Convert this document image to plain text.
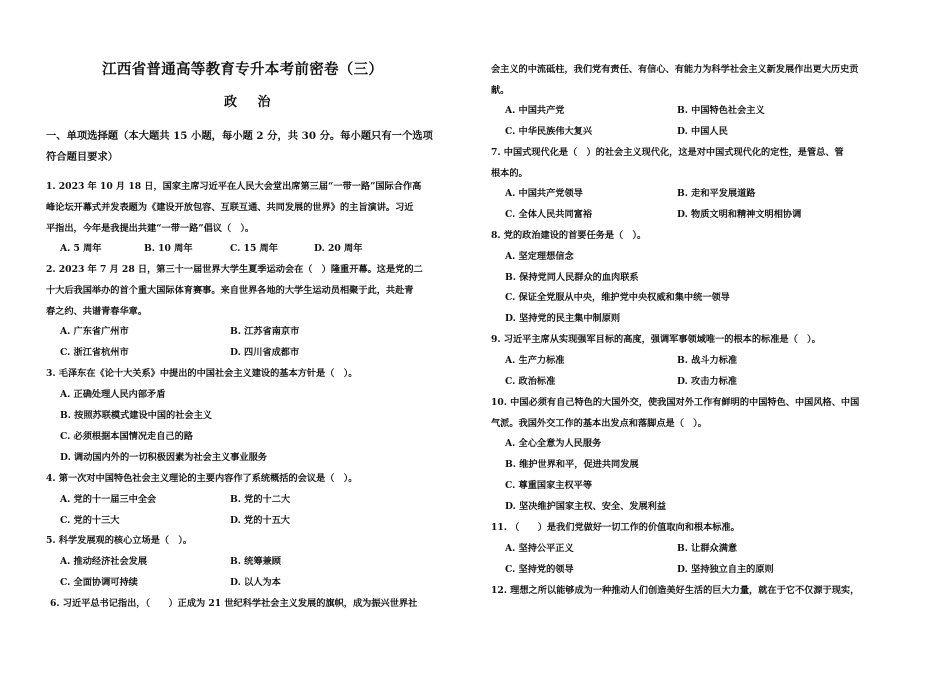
江西省普通高等教育专升本考前密卷（三）
政 治
一、单项选择题（本大题共 15 小题，每小题 2 分，共 30 分。每小题只有一个选项
符合题目要求）
1. 2023 年 10 月 18 日，国家主席习近平在人民大会堂出席第三届“一带一路”国际合作高
峰论坛开幕式并发表题为《建设开放包容、互联互通、共同发展的世界》的主旨演讲。习近
平指出，今年是我提出共建“一带一路”倡议（　）。
A. 5 周年	B. 10 周年	C. 15 周年	D. 20 周年
2. 2023 年 7 月 28 日，第三十一届世界大学生夏季运动会在（　）隆重开幕。这是党的二
十大后我国举办的首个重大国际体育赛事。来自世界各地的大学生运动员相聚于此，共赴青
春之约、共谱青春华章。
A. 广东省广州市	B. 江苏省南京市
C. 浙江省杭州市	D. 四川省成都市
3. 毛泽东在《论十大关系》中提出的中国社会主义建设的基本方针是（　）。
A. 正确处理人民内部矛盾
B. 按照苏联模式建设中国的社会主义
C. 必须根据本国情况走自己的路
D. 调动国内外的一切积极因素为社会主义事业服务
4. 第一次对中国特色社会主义理论的主要内容作了系统概括的会议是（　）。
A. 党的十一届三中全会	B. 党的十二大
C. 党的十三大	D. 党的十五大
5. 科学发展观的核心立场是（　）。
A. 推动经济社会发展	B. 统筹兼顾
C. 全面协调可持续	D. 以人为本
6. 习近平总书记指出，（　　）正成为 21 世纪科学社会主义发展的旗帜，成为振兴世界社
会主义的中流砥柱，我们党有责任、有信心、有能力为科学社会主义新发展作出更大历史贡
献。
A. 中国共产党	B. 中国特色社会主义
C. 中华民族伟大复兴	D. 中国人民
7. 中国式现代化是（　）的社会主义现代化，这是对中国式现代化的定性，是管总、管
根本的。
A. 中国共产党领导	B. 走和平发展道路
C. 全体人民共同富裕	D. 物质文明和精神文明相协调
8. 党的政治建设的首要任务是（　）。
A. 坚定理想信念
B. 保持党同人民群众的血肉联系
C. 保证全党服从中央，维护党中央权威和集中统一领导
D. 坚持党的民主集中制原则
9. 习近平主席从实现强军目标的高度，强调军事领域唯一的根本的标准是（　）。
A. 生产力标准	B. 战斗力标准
C. 政治标准	D. 攻击力标准
10. 中国必须有自己特色的大国外交，使我国对外工作有鲜明的中国特色、中国风格、中国
气派。我国外交工作的基本出发点和落脚点是（　）。
A. 全心全意为人民服务
B. 维护世界和平，促进共同发展
C. 尊重国家主权平等
D. 坚决维护国家主权、安全、发展利益
11. （　　）是我们党做好一切工作的价值取向和根本标准。
A. 坚持公平正义	B. 让群众满意
C. 坚持党的领导	D. 坚持独立自主的原则
12. 理想之所以能够成为一种推动人们创造美好生活的巨大力量，就在于它不仅源于现实，
